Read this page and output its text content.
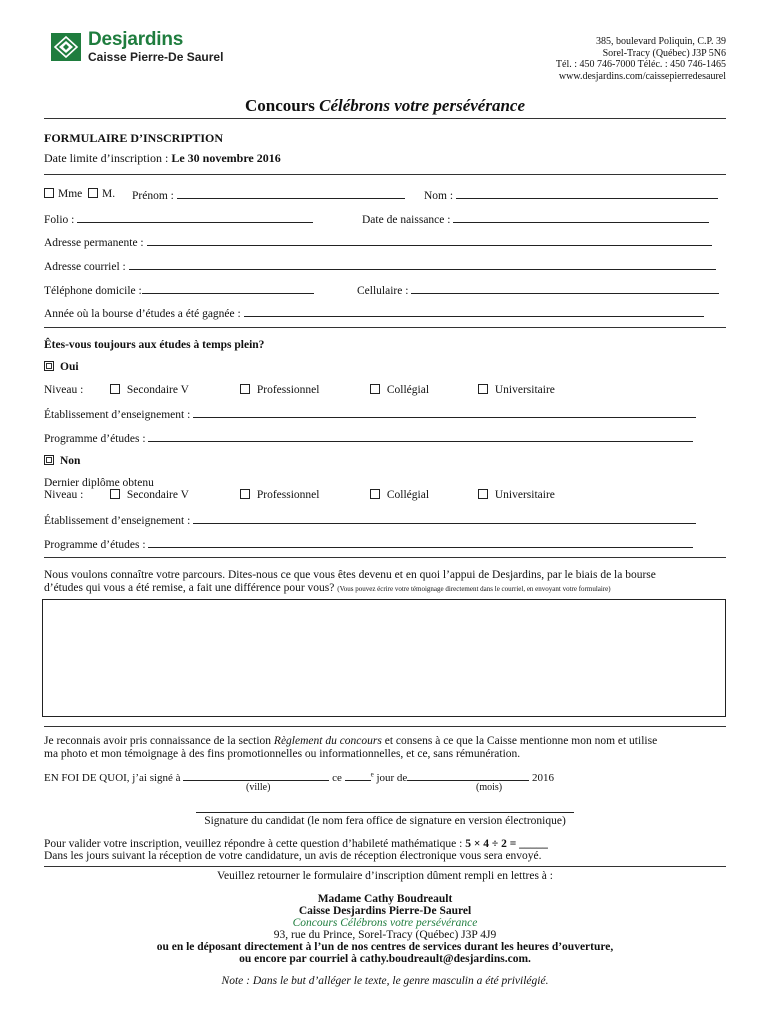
Desjardins
Caisse Pierre-De Saurel
385, boulevard Poliquin, C.P. 39
Sorel-Tracy (Québec) J3P 5N6
Tél. : 450 746-7000 Téléc. : 450 746-1465
www.desjardins.com/caissepierredesaurel
Concours Célébrons votre persévérance
FORMULAIRE D’INSCRIPTION
Date limite d’inscription : Le 30 novembre 2016
Mme M. Prénom :	Nom :
Folio :	Date de naissance :
Adresse permanente :
Adresse courriel :
Téléphone domicile :	Cellulaire :
Année où la bourse d’études a été gagnée :
Êtes-vous toujours aux études à temps plein?
Oui
Niveau :	Secondaire V	Professionnel	Collégial	Universitaire
Établissement d’enseignement :
Programme d’études :
Non
Dernier diplôme obtenu
Niveau :	Secondaire V	Professionnel	Collégial	Universitaire
Établissement d’enseignement :
Programme d’études :
Nous voulons connaître votre parcours. Dites-nous ce que vous êtes devenu et en quoi l’appui de Desjardins, par le biais de la bourse
d’études qui vous a été remise, a fait une différence pour vous? (Vous pouvez écrire votre témoignage directement dans le courriel, en envoyant votre formulaire)
Je reconnais avoir pris connaissance de la section Règlement du concours et consens à ce que la Caisse mentionne mon nom et utilise
ma photo et mon témoignage à des fins promotionnelles ou informationnelles, et ce, sans rémunération.
EN FOI DE QUOI, j’ai signé à	ce	$^e$ jour de	2016
(ville)	(mois)
Signature du candidat (le nom fera office de signature en version électronique)
Pour valider votre inscription, veuillez répondre à cette question d’habileté mathématique : 5 × 4 ÷ 2 = _____
Dans les jours suivant la réception de votre candidature, un avis de réception électronique vous sera envoyé.
Veuillez retourner le formulaire d’inscription dûment rempli en lettres à :
Madame Cathy Boudreault
Caisse Desjardins Pierre-De Saurel
Concours Célébrons votre persévérance
93, rue du Prince, Sorel-Tracy (Québec) J3P 4J9
ou en le déposant directement à l’un de nos centres de services durant les heures d’ouverture,
ou encore par courriel à cathy.boudreault@desjardins.com.
Note : Dans le but d’alléger le texte, le genre masculin a été privilégié.
